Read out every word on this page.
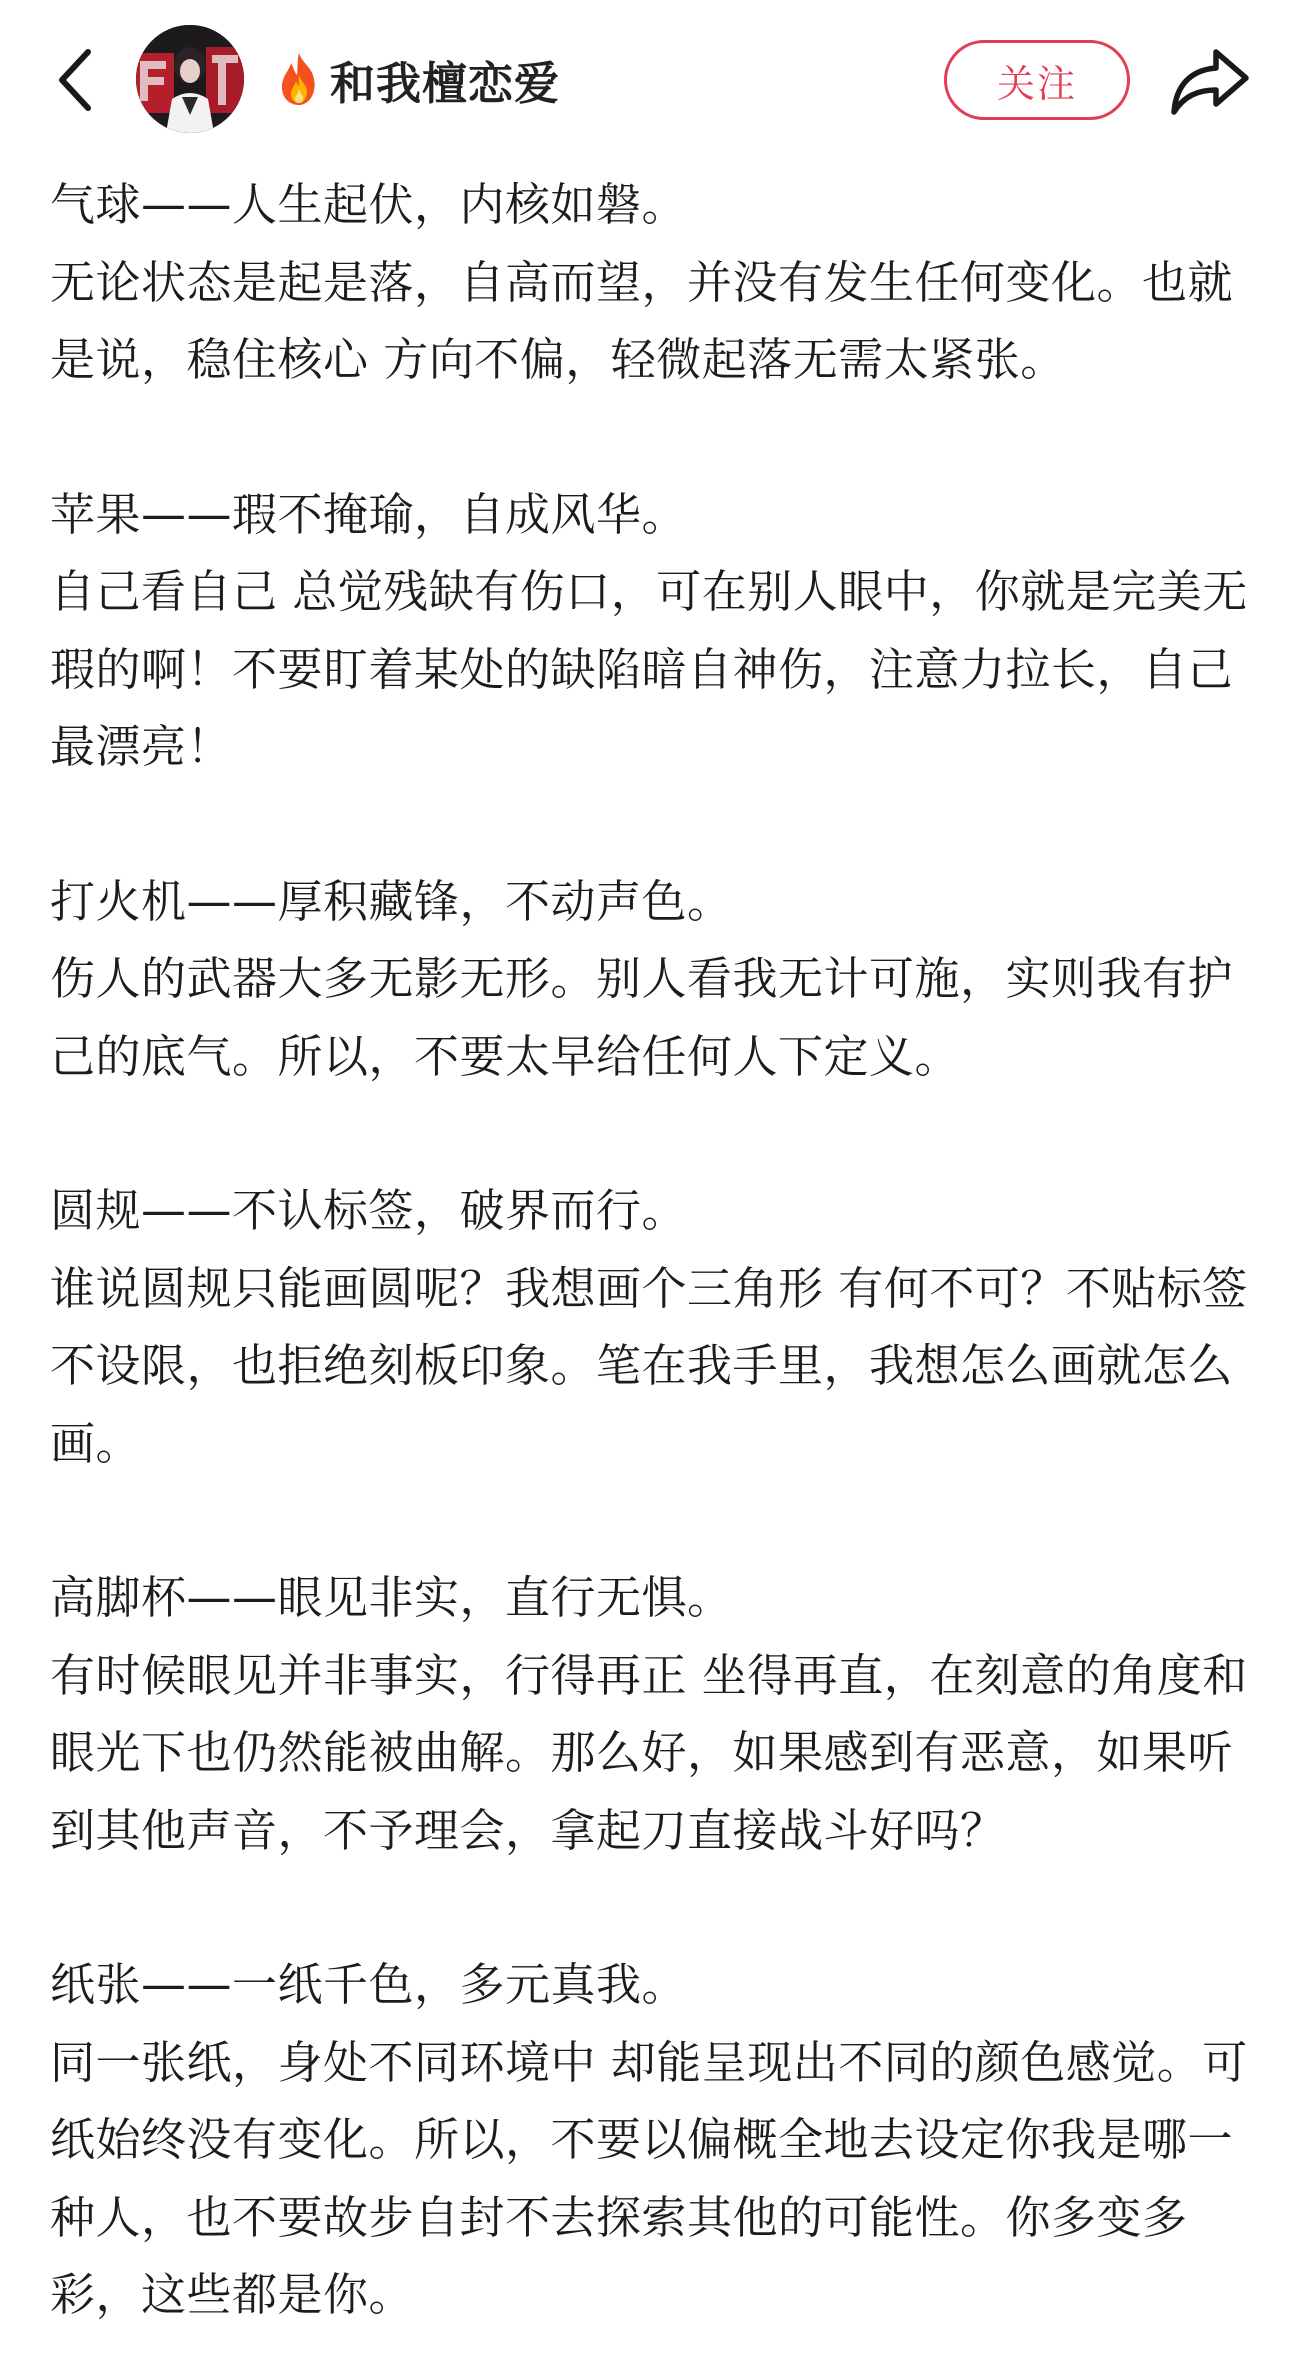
和我檀恋爱	关注

气球——人生起伏，内核如磐。

无论状态是起是落，自高而望，并没有发生任何变化。也就是说，稳住核心 方向不偏，轻微起落无需太紧张。

苹果——瑕不掩瑜，自成风华。

自己看自己 总觉残缺有伤口，可在别人眼中，你就是完美无瑕的啊！不要盯着某处的缺陷暗自神伤，注意力拉长，自己最漂亮！

打火机——厚积藏锋，不动声色。

伤人的武器大多无影无形。别人看我无计可施，实则我有护己的底气。所以，不要太早给任何人下定义。

圆规——不认标签，破界而行。

谁说圆规只能画圆呢？我想画个三角形 有何不可？不贴标签不设限，也拒绝刻板印象。笔在我手里，我想怎么画就怎么画。

高脚杯——眼见非实，直行无惧。

有时候眼见并非事实，行得再正 坐得再直，在刻意的角度和眼光下也仍然能被曲解。那么好，如果感到有恶意，如果听到其他声音，不予理会，拿起刀直接战斗好吗？

纸张——一纸千色，多元真我。

同一张纸，身处不同环境中 却能呈现出不同的颜色感觉。可纸始终没有变化。所以，不要以偏概全地去设定你我是哪一种人，也不要故步自封不去探索其他的可能性。你多变多彩，这些都是你。
